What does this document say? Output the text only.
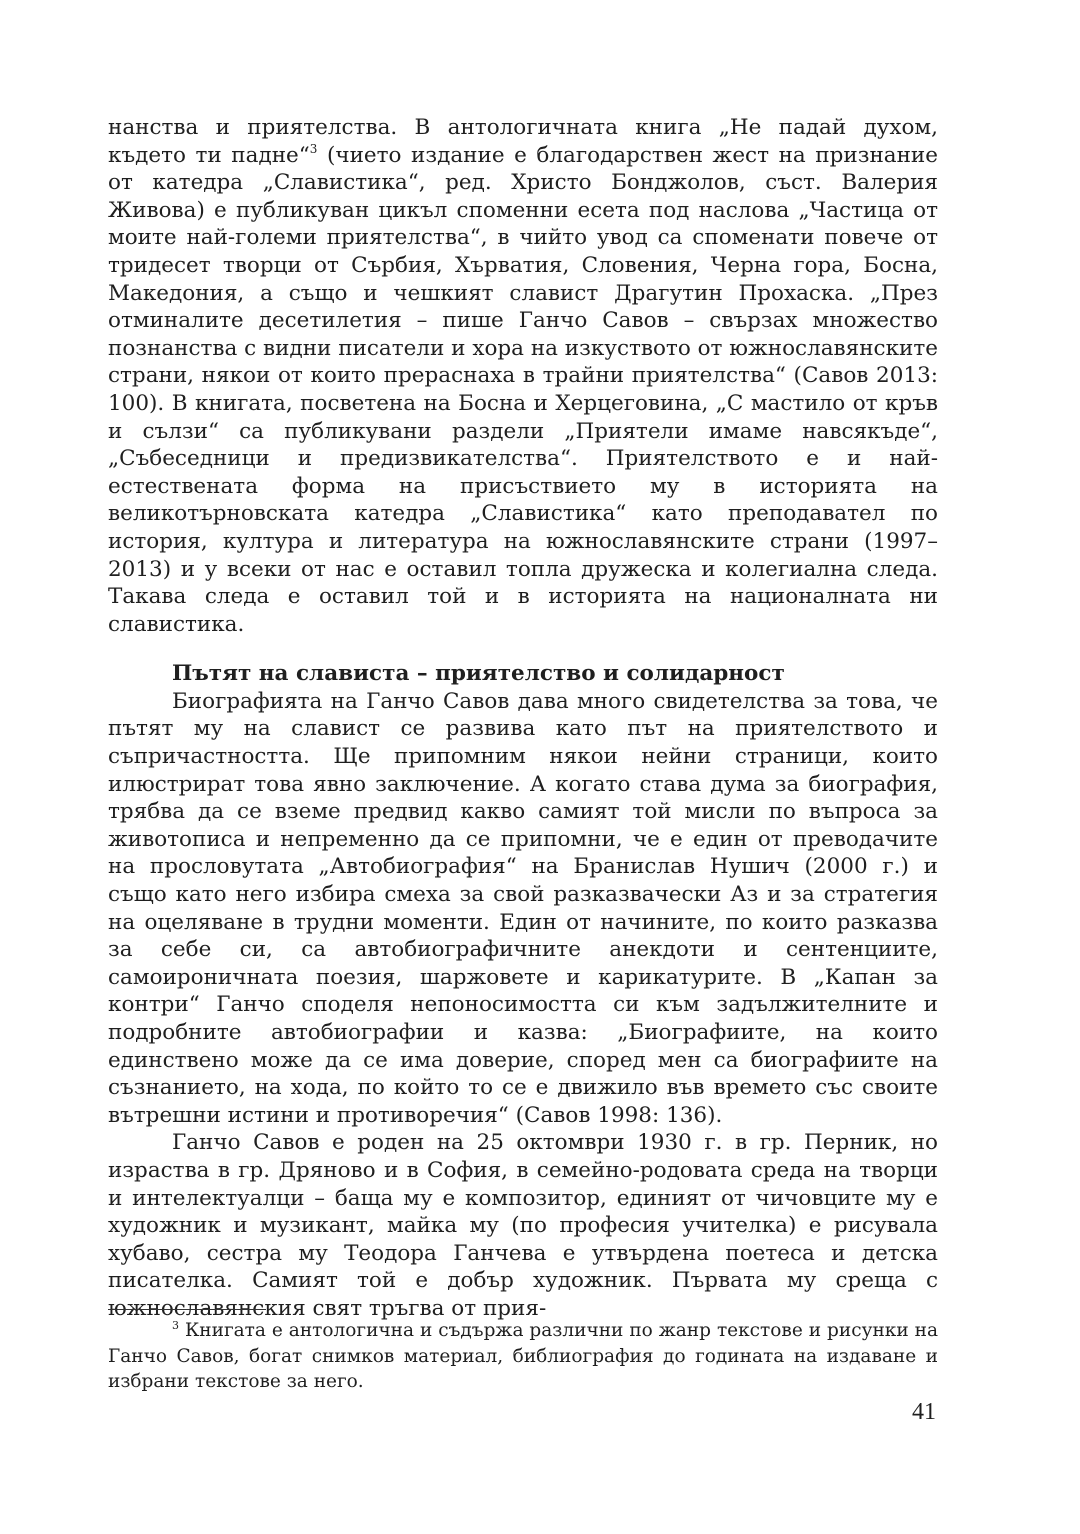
нанства и приятелства. В антологичната книга „Не падай духом, където ти падне“$^3$ (чието издание е благодарствен жест на признание от катедра „Славистика“, ред. Христо Бонджолов, съст. Валерия Живова) е публикуван цикъл споменни есета под наслова „Частица от моите най-големи приятелства“, в чийто увод са споменати повече от тридесет творци от Сърбия, Хърватия, Словения, Черна гора, Босна, Македония, а също и чешкият славист Драгутин Прохаска. „През отминалите десетилетия – пише Ганчо Савов – свързах множество познанства с видни писатели и хора на изкуството от южнославянските страни, някои от които прераснаха в трайни приятелства“ (Савов 2013: 100). В книгата, посветена на Босна и Херцеговина, „С мастило от кръв и сълзи“ са публикувани раздели „Приятели имаме навсякъде“, „Събеседници и предизвикателства“. Приятелството е и най-естествената форма на присъствието му в историята на великотърновската катедра „Славистика“ като преподавател по история, култура и литература на южнославянските страни (1997–2013) и у всеки от нас е оставил топла дружеска и колегиална следа. Такава следа е оставил той и в историята на националната ни славистика.

Пътят на слависта – приятелство и солидарност

Биографията на Ганчо Савов дава много свидетелства за това, че пътят му на славист се развива като път на приятелството и съпричастността. Ще припомним някои нейни страници, които илюстрират това явно заключение. А когато става дума за биография, трябва да се вземе предвид какво самият той мисли по въпроса за животописа и непременно да се припомни, че е един от преводачите на прословутата „Автобиография“ на Бранислав Нушич (2000 г.) и също като него избира смеха за свой разказвачески Аз и за стратегия на оцеляване в трудни моменти. Един от начините, по които разказва за себе си, са автобиографичните анекдоти и сентенциите, самоироничната поезия, шаржовете и карикатурите. В „Капан за контри“ Ганчо споделя непоносимостта си към задължителните и подробните автобиографии и казва: „Биографиите, на които единствено може да се има доверие, според мен са биографиите на съзнанието, на хода, по който то се е движило във времето със своите вътрешни истини и противоречия“ (Савов 1998: 136).

Ганчо Савов е роден на 25 октомври 1930 г. в гр. Перник, но израства в гр. Дряново и в София, в семейно-родовата среда на творци и интелектуалци – баща му е композитор, единият от чичовците му е художник и музикант, майка му (по професия учителка) е рисувала хубаво, сестра му Теодора Ганчева е утвърдена поетеса и детска писателка. Самият той е добър художник. Първата му среща с южнославянския свят тръгва от прия-

$^3$ Книгата е антологична и съдържа различни по жанр текстове и рисунки на Ганчо Савов, богат снимков материал, библиография до годината на издаване и избрани текстове за него.

41
